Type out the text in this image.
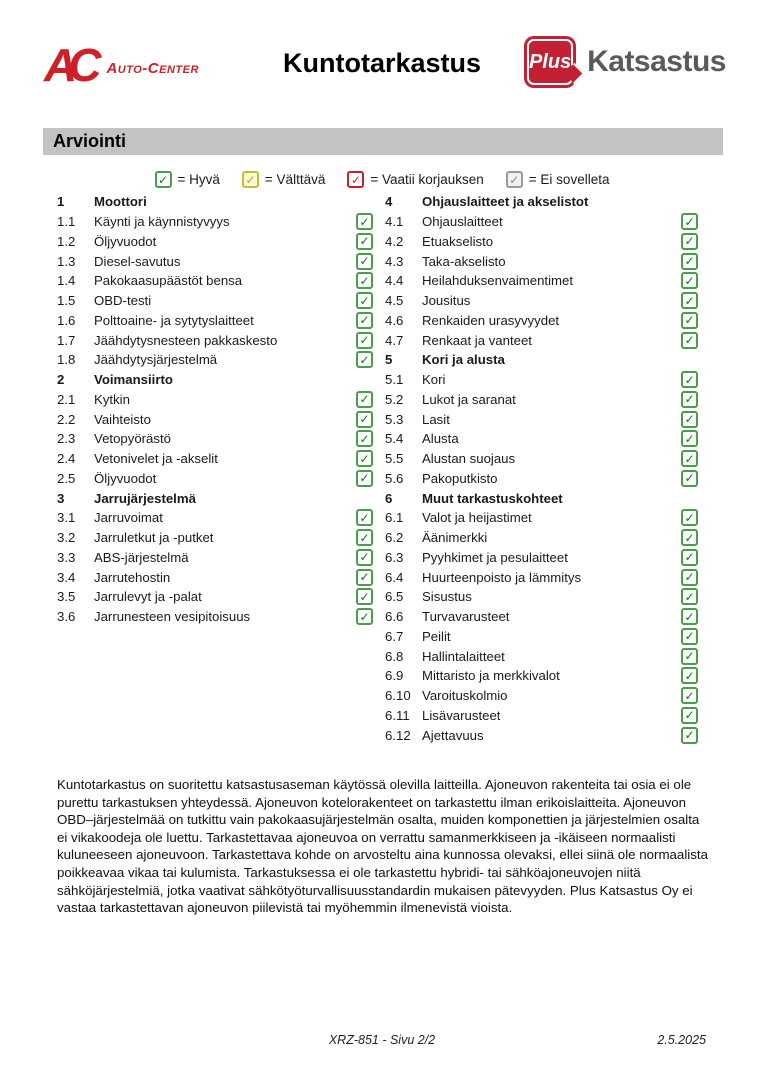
AC Auto-Center	Kuntotarkastus	Plus Katsastus
Arviointi
✓ = Hyvä ✓ = Välttävä ✓ = Vaatii korjauksen ✓ = Ei sovelleta
1	Moottori
1.1	Käynti ja käynnistyvyys	✓
1.2	Öljyvuodot	✓
1.3	Diesel-savutus	✓
1.4	Pakokaasupäästöt bensa	✓
1.5	OBD-testi	✓
1.6	Polttoaine- ja sytytyslaitteet	✓
1.7	Jäähdytysnesteen pakkaskesto	✓
1.8	Jäähdytysjärjestelmä	✓
2	Voimansiirto
2.1	Kytkin	✓
2.2	Vaihteisto	✓
2.3	Vetopyörästö	✓
2.4	Vetonivelet ja -akselit	✓
2.5	Öljyvuodot	✓
3	Jarrujärjestelmä
3.1	Jarruvoimat	✓
3.2	Jarruletkut ja -putket	✓
3.3	ABS-järjestelmä	✓
3.4	Jarrutehostin	✓
3.5	Jarrulevyt ja -palat	✓
3.6	Jarrunesteen vesipitoisuus	✓
4	Ohjauslaitteet ja akselistot
4.1	Ohjauslaitteet	✓
4.2	Etuakselisto	✓
4.3	Taka-akselisto	✓
4.4	Heilahduksenvaimentimet	✓
4.5	Jousitus	✓
4.6	Renkaiden urasyvyydet	✓
4.7	Renkaat ja vanteet	✓
5	Kori ja alusta
5.1	Kori	✓
5.2	Lukot ja saranat	✓
5.3	Lasit	✓
5.4	Alusta	✓
5.5	Alustan suojaus	✓
5.6	Pakoputkisto	✓
6	Muut tarkastuskohteet
6.1	Valot ja heijastimet	✓
6.2	Äänimerkki	✓
6.3	Pyyhkimet ja pesulaitteet	✓
6.4	Huurteenpoisto ja lämmitys	✓
6.5	Sisustus	✓
6.6	Turvavarusteet	✓
6.7	Peilit	✓
6.8	Hallintalaitteet	✓
6.9	Mittaristo ja merkkivalot	✓
6.10 Varoituskolmio	✓
6.11 Lisävarusteet	✓
6.12 Ajettavuus	✓
Kuntotarkastus on suoritettu katsastusaseman käytössä olevilla laitteilla. Ajoneuvon rakenteita tai osia ei ole purettu tarkastuksen yhteydessä. Ajoneuvon kotelorakenteet on tarkastettu ilman erikoislaitteita. Ajoneuvon OBD–järjestelmää on tutkittu vain pakokaasujärjestelmän osalta, muiden komponettien ja järjestelmien osalta ei vikakoodeja ole luettu. Tarkastettavaa ajoneuvoa on verrattu samanmerkkiseen ja -ikäiseen normaalisti kuluneeseen ajoneuvoon. Tarkastettava kohde on arvosteltu aina kunnossa olevaksi, ellei siinä ole normaalista poikkeavaa vikaa tai kulumista. Tarkastuksessa ei ole tarkastettu hybridi- tai sähköajoneuvojen niitä sähköjärjestelmiä, jotka vaativat sähkötyöturvallisuusstandardin mukaisen pätevyyden. Plus Katsastus Oy ei vastaa tarkastettavan ajoneuvon piilevistä tai myöhemmin ilmenevistä vioista.
XRZ-851 - Sivu 2/2	2.5.2025
